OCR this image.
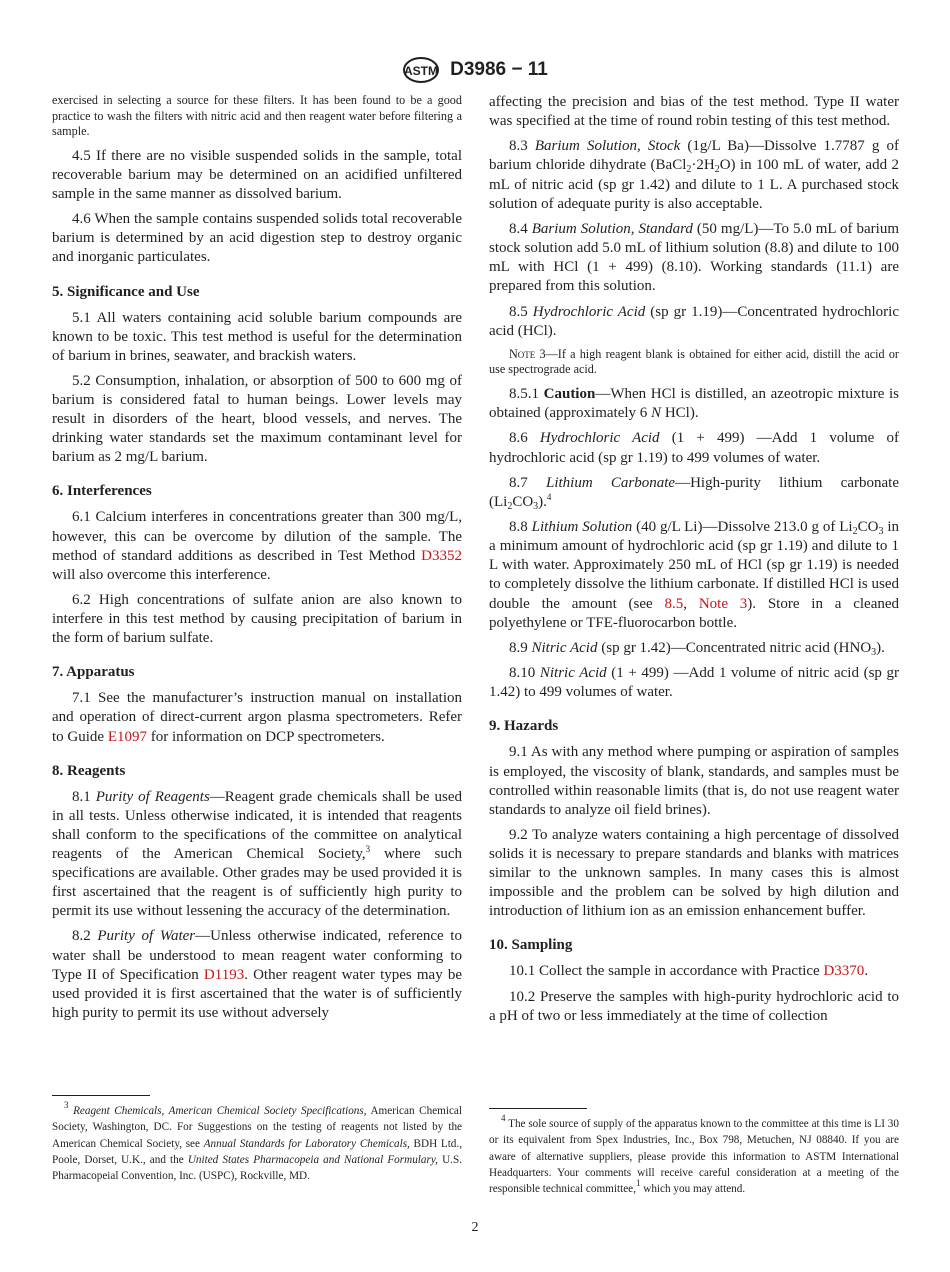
ASTM D3986 − 11

exercised in selecting a source for these filters. It has been found to be a good practice to wash the filters with nitric acid and then reagent water before filtering a sample.

4.5 If there are no visible suspended solids in the sample, total recoverable barium may be determined on an acidified unfiltered sample in the same manner as dissolved barium.

4.6 When the sample contains suspended solids total recoverable barium is determined by an acid digestion step to destroy organic and inorganic particulates.

5. Significance and Use

5.1 All waters containing acid soluble barium compounds are known to be toxic. This test method is useful for the determination of barium in brines, seawater, and brackish waters.

5.2 Consumption, inhalation, or absorption of 500 to 600 mg of barium is considered fatal to human beings. Lower levels may result in disorders of the heart, blood vessels, and nerves. The drinking water standards set the maximum contaminant level for barium as 2 mg/L barium.

6. Interferences

6.1 Calcium interferes in concentrations greater than 300 mg/L, however, this can be overcome by dilution of the sample. The method of standard additions as described in Test Method D3352 will also overcome this interference.

6.2 High concentrations of sulfate anion are also known to interfere in this test method by causing precipitation of barium in the form of barium sulfate.

7. Apparatus

7.1 See the manufacturer’s instruction manual on installation and operation of direct-current argon plasma spectrometers. Refer to Guide E1097 for information on DCP spectrometers.

8. Reagents

8.1 Purity of Reagents—Reagent grade chemicals shall be used in all tests. Unless otherwise indicated, it is intended that reagents shall conform to the specifications of the committee on analytical reagents of the American Chemical Society,$^3$ where such specifications are available. Other grades may be used provided it is first ascertained that the reagent is of sufficiently high purity to permit its use without lessening the accuracy of the determination.

8.2 Purity of Water—Unless otherwise indicated, reference to water shall be understood to mean reagent water conforming to Type II of Specification D1193. Other reagent water types may be used provided it is first ascertained that the water is of sufficiently high purity to permit its use without adversely

affecting the precision and bias of the test method. Type II water was specified at the time of round robin testing of this test method.

8.3 Barium Solution, Stock (1g/L Ba)—Dissolve 1.7787 g of barium chloride dihydrate $(BaCl_2\cdot 2H_2O)$ in 100 mL of water, add 2 mL of nitric acid (sp gr 1.42) and dilute to 1 L. A purchased stock solution of adequate purity is also acceptable.

8.4 Barium Solution, Standard (50 mg/L)—To 5.0 mL of barium stock solution add 5.0 mL of lithium solution (8.8) and dilute to 100 mL with HCl (1 + 499) (8.10). Working standards (11.1) are prepared from this solution.

8.5 Hydrochloric Acid (sp gr 1.19)—Concentrated hydrochloric acid (HCl).

Note 3—If a high reagent blank is obtained for either acid, distill the acid or use spectrograde acid.

8.5.1 Caution—When HCl is distilled, an azeotropic mixture is obtained (approximately 6 N HCl).

8.6 Hydrochloric Acid (1 + 499) —Add 1 volume of hydrochloric acid (sp gr 1.19) to 499 volumes of water.

8.7 Lithium Carbonate—High-purity lithium carbonate $(Li_2CO_3).^4$

8.8 Lithium Solution (40 g/L Li)—Dissolve 213.0 g of $Li_2CO_3$ in a minimum amount of hydrochloric acid (sp gr 1.19) and dilute to 1 L with water. Approximately 250 mL of HCl (sp gr 1.19) is needed to completely dissolve the lithium carbonate. If distilled HCl is used double the amount (see 8.5, Note 3). Store in a cleaned polyethylene or TFE-fluorocarbon bottle.

8.9 Nitric Acid (sp gr 1.42)—Concentrated nitric acid $(HNO_3)$.

8.10 Nitric Acid (1 + 499) —Add 1 volume of nitric acid (sp gr 1.42) to 499 volumes of water.

9. Hazards

9.1 As with any method where pumping or aspiration of samples is employed, the viscosity of blank, standards, and samples must be controlled within reasonable limits (that is, do not use reagent water standards to analyze oil field brines).

9.2 To analyze waters containing a high percentage of dissolved solids it is necessary to prepare standards and blanks with matrices similar to the unknown samples. In many cases this is almost impossible and the problem can be solved by high dilution and introduction of lithium ion as an emission enhancement buffer.

10. Sampling

10.1 Collect the sample in accordance with Practice D3370.

10.2 Preserve the samples with high-purity hydrochloric acid to a pH of two or less immediately at the time of collection

$^3$ Reagent Chemicals, American Chemical Society Specifications, American Chemical Society, Washington, DC. For Suggestions on the testing of reagents not listed by the American Chemical Society, see Annual Standards for Laboratory Chemicals, BDH Ltd., Poole, Dorset, U.K., and the United States Pharmacopeia and National Formulary, U.S. Pharmacopeial Convention, Inc. (USPC), Rockville, MD.

$^4$ The sole source of supply of the apparatus known to the committee at this time is LI 30 or its equivalent from Spex Industries, Inc., Box 798, Metuchen, NJ 08840. If you are aware of alternative suppliers, please provide this information to ASTM International Headquarters. Your comments will receive careful consideration at a meeting of the responsible technical committee,$^1$ which you may attend.

2
